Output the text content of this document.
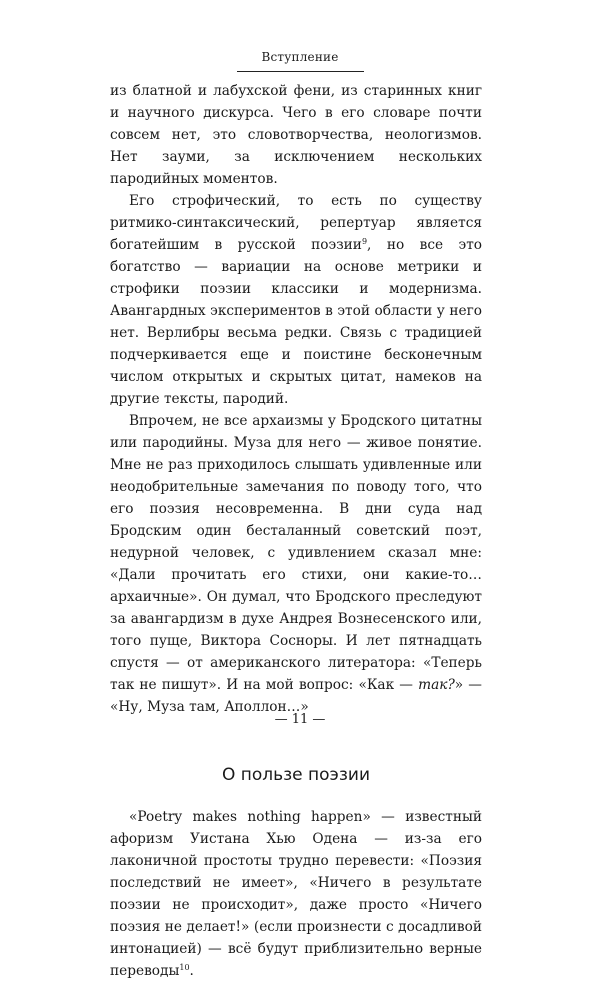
Вступление

из блатной и лабухской фени, из старинных книг и научного дискурса. Чего в его словаре почти совсем нет, это словотворчества, неологизмов. Нет зауми, за исключением нескольких пародийных моментов.

Его строфический, то есть по существу ритмико-синтаксический, репертуар является богатейшим в русской поэзии$^9$, но все это богатство — вариации на основе метрики и строфики поэзии классики и модернизма. Авангардных экспериментов в этой области у него нет. Верлибры весьма редки. Связь с традицией подчеркивается еще и поистине бесконечным числом открытых и скрытых цитат, намеков на другие тексты, пародий.

Впрочем, не все архаизмы у Бродского цитатны или пародийны. Муза для него — живое понятие. Мне не раз приходилось слышать удивленные или неодобрительные замечания по поводу того, что его поэзия несовременна. В дни суда над Бродским один бесталанный советский поэт, недурной человек, с удивлением сказал мне: «Дали прочитать его стихи, они какие-то… архаичные». Он думал, что Бродского преследуют за авангардизм в духе Андрея Вознесенского или, того пуще, Виктора Сосноры. И лет пятнадцать спустя — от американского литератора: «Теперь так не пишут». И на мой вопрос: «Как — так?» — «Ну, Муза там, Аполлон…»

О пользе поэзии

«Poetry makes nothing happen» — известный афоризм Уистана Хью Одена — из-за его лаконичной простоты трудно перевести: «Поэзия последствий не имеет», «Ничего в результате поэзии не происходит», даже просто «Ничего поэзия не делает!» (если произнести с досадливой интонацией) — всё будут приблизительно верные переводы$^{10}$.

— 11 —
